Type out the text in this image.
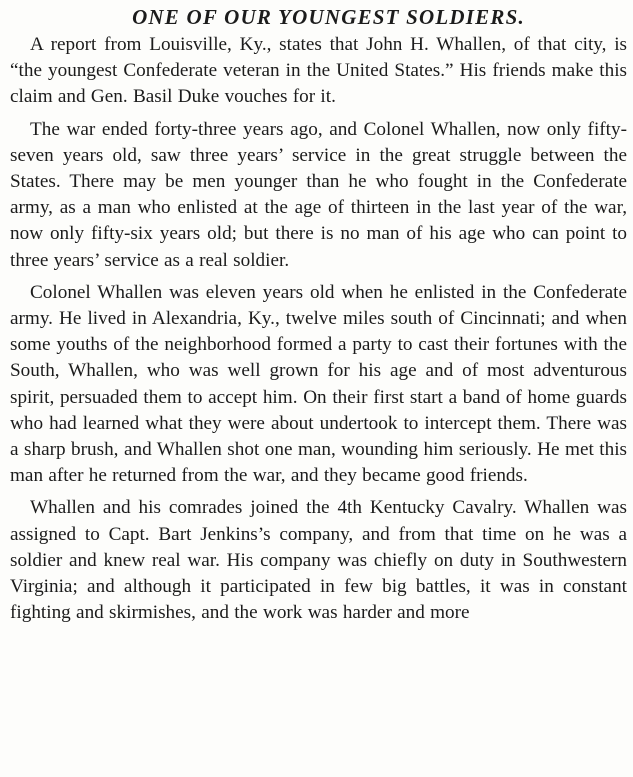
ONE OF OUR YOUNGEST SOLDIERS.

A report from Louisville, Ky., states that John H. Whallen, of that city, is “the youngest Confederate veteran in the United States.” His friends make this claim and Gen. Basil Duke vouches for it.

The war ended forty-three years ago, and Colonel Whallen, now only fifty-seven years old, saw three years’ service in the great struggle between the States. There may be men younger than he who fought in the Confederate army, as a man who enlisted at the age of thirteen in the last year of the war, now only fifty-six years old; but there is no man of his age who can point to three years’ service as a real soldier.

Colonel Whallen was eleven years old when he enlisted in the Confederate army. He lived in Alexandria, Ky., twelve miles south of Cincinnati; and when some youths of the neighborhood formed a party to cast their fortunes with the South, Whallen, who was well grown for his age and of most adventurous spirit, persuaded them to accept him. On their first start a band of home guards who had learned what they were about undertook to intercept them. There was a sharp brush, and Whallen shot one man, wounding him seriously. He met this man after he returned from the war, and they became good friends.

Whallen and his comrades joined the 4th Kentucky Cavalry. Whallen was assigned to Capt. Bart Jenkins’s company, and from that time on he was a soldier and knew real war. His company was chiefly on duty in Southwestern Virginia; and although it participated in few big battles, it was in constant fighting and skirmishes, and the work was harder and more
